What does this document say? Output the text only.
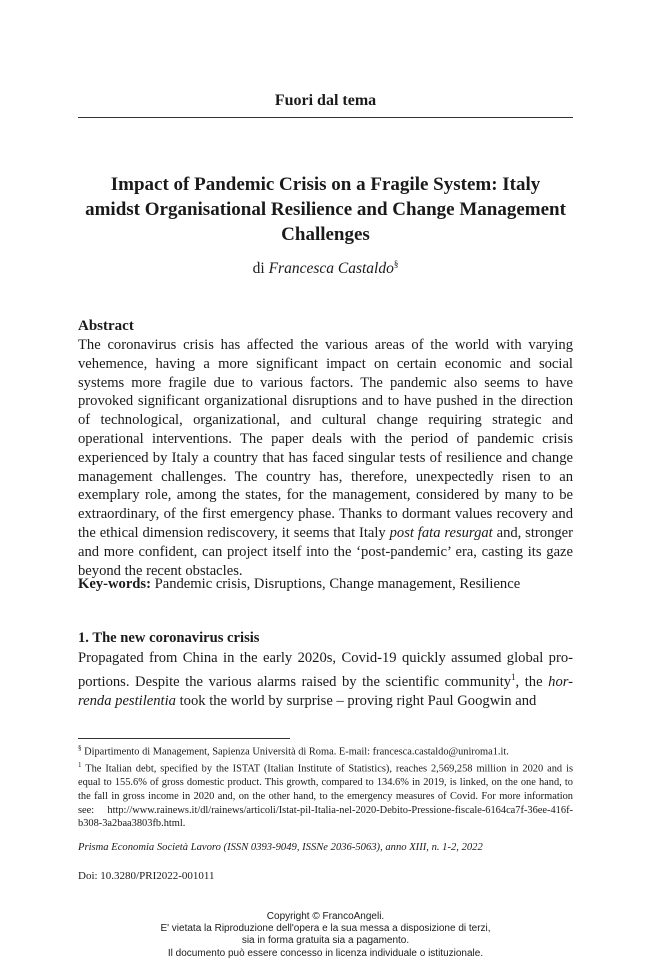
Fuori dal tema
Impact of Pandemic Crisis on a Fragile System: Italy
amidst Organisational Resilience and Change Management
Challenges
di Francesca Castaldo§
Abstract
The coronavirus crisis has affected the various areas of the world with varying vehemence, having a more significant impact on certain economic and social systems more fragile due to various factors. The pandemic also seems to have provoked significant organizational disruptions and to have pushed in the direction of technological, organizational, and cultural change requiring strategic and operational interventions. The paper deals with the period of pandemic crisis experienced by Italy a country that has faced singular tests of resilience and change management challenges. The country has, therefore, unexpectedly risen to an exemplary role, among the states, for the management, considered by many to be extraordinary, of the first emergency phase. Thanks to dormant values recovery and the ethical dimension rediscovery, it seems that Italy post fata resurgat and, stronger and more confident, can project itself into the ‘post-pandemic’ era, casting its gaze beyond the recent obstacles.
Key-words: Pandemic crisis, Disruptions, Change management, Resilience
1. The new coronavirus crisis
Propagated from China in the early 2020s, Covid-19 quickly assumed global pro-portions. Despite the various alarms raised by the scientific community$^1$, the hor-renda pestilentia took the world by surprise – proving right Paul Googwin and

§ Dipartimento di Management, Sapienza Università di Roma. E-mail: francesca.castaldo@uniroma1.it.

$^1$ The Italian debt, specified by the ISTAT (Italian Institute of Statistics), reaches 2,569,258 million in 2020 and is equal to 155.6% of gross domestic product. This growth, compared to 134.6% in 2019, is linked, on the one hand, to the fall in gross income in 2020 and, on the other hand, to the emergency measures of Covid. For more information see: http://www.rainews.it/dl/rainews/articoli/Istat-pil-Italia-nel-2020-Debito-Pressione-fiscale-6164ca7f-36ee-416f-b308-3a2baa3803fb.html.

Prisma Economia Società Lavoro (ISSN 0393-9049, ISSNe 2036-5063), anno XIII, n. 1-2, 2022
Doi: 10.3280/PRI2022-001011
Copyright © FrancoAngeli.
E' vietata la Riproduzione dell'opera e la sua messa a disposizione di terzi,
sia in forma gratuita sia a pagamento.
Il documento può essere concesso in licenza individuale o istituzionale.
